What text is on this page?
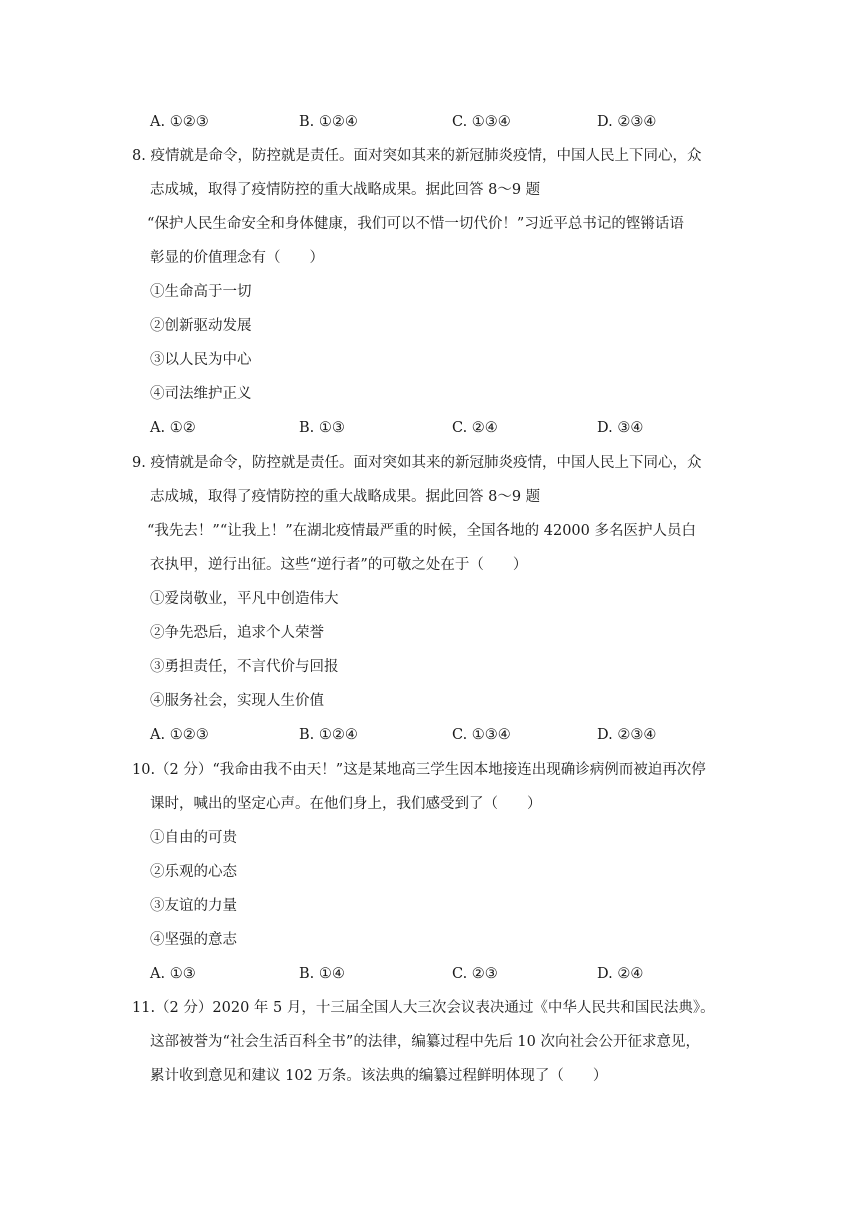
A. ①②③	B. ①②④	C. ①③④	D. ②③④
8. 疫情就是命令，防控就是责任。面对突如其来的新冠肺炎疫情，中国人民上下同心，众
志成城，取得了疫情防控的重大战略成果。据此回答 8～9 题
“保护人民生命安全和身体健康，我们可以不惜一切代价！”习近平总书记的铿锵话语
彰显的价值理念有（　　）
①生命高于一切
②创新驱动发展
③以人民为中心
④司法维护正义
A. ①②	B. ①③	C. ②④	D. ③④
9. 疫情就是命令，防控就是责任。面对突如其来的新冠肺炎疫情，中国人民上下同心，众
志成城，取得了疫情防控的重大战略成果。据此回答 8～9 题
“我先去！”“让我上！”在湖北疫情最严重的时候，全国各地的 42000 多名医护人员白
衣执甲，逆行出征。这些“逆行者”的可敬之处在于（　　）
①爱岗敬业，平凡中创造伟大
②争先恐后，追求个人荣誉
③勇担责任，不言代价与回报
④服务社会，实现人生价值
A. ①②③	B. ①②④	C. ①③④	D. ②③④
10.（2 分）“我命由我不由天！”这是某地高三学生因本地接连出现确诊病例而被迫再次停
课时，喊出的坚定心声。在他们身上，我们感受到了（　　）
①自由的可贵
②乐观的心态
③友谊的力量
④坚强的意志
A. ①③	B. ①④	C. ②③	D. ②④
11.（2 分）2020 年 5 月，十三届全国人大三次会议表决通过《中华人民共和国民法典》。
这部被誉为“社会生活百科全书”的法律，编纂过程中先后 10 次向社会公开征求意见，
累计收到意见和建议 102 万条。该法典的编纂过程鲜明体现了（　　）
